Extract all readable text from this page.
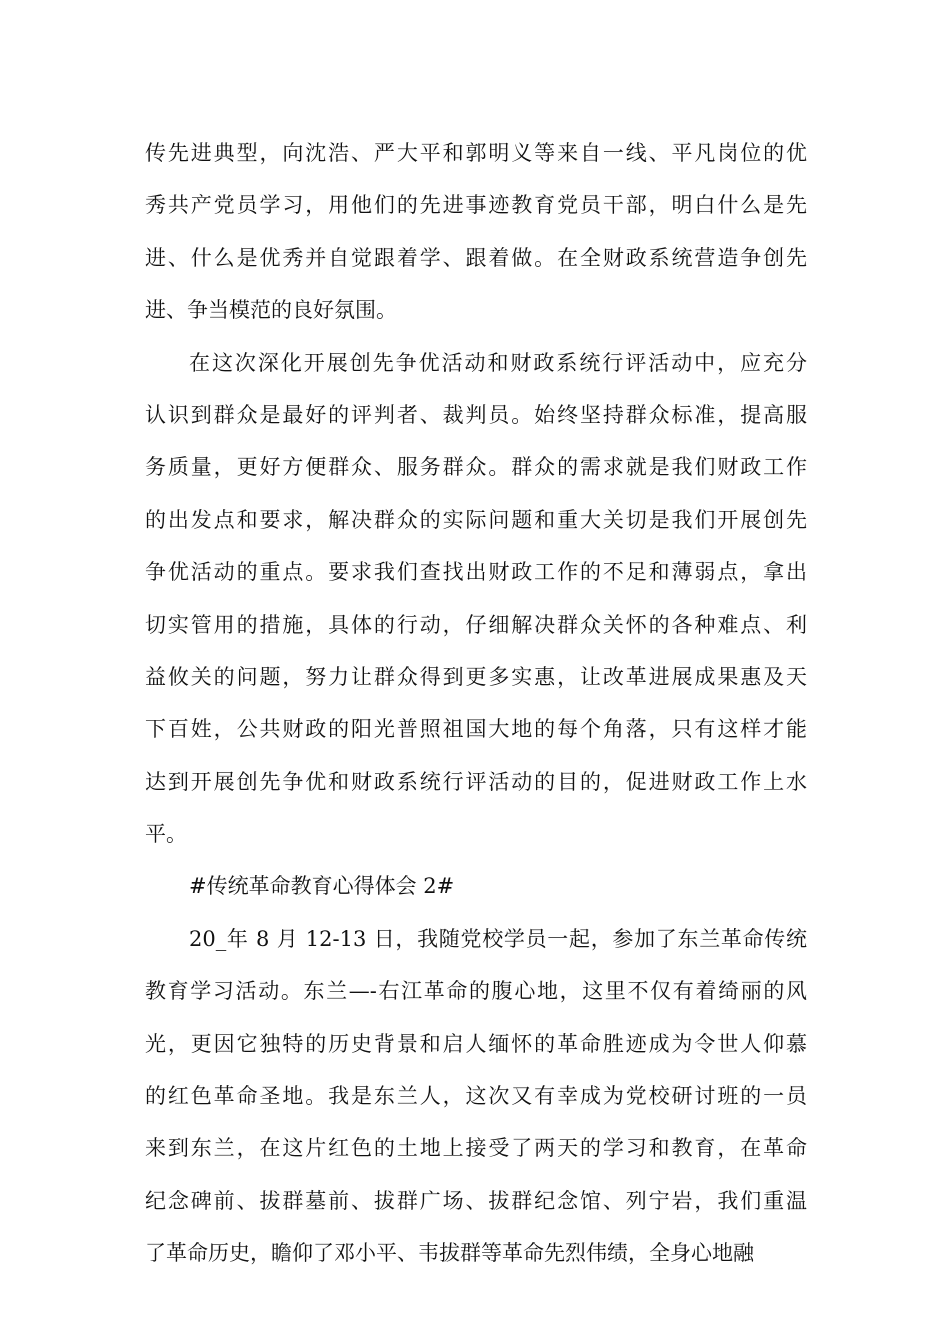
传先进典型，向沈浩、严大平和郭明义等来自一线、平凡岗位的优
秀共产党员学习，用他们的先进事迹教育党员干部，明白什么是先
进、什么是优秀并自觉跟着学、跟着做。在全财政系统营造争创先
进、争当模范的良好氛围。
在这次深化开展创先争优活动和财政系统行评活动中，应充分
认识到群众是最好的评判者、裁判员。始终坚持群众标准，提高服
务质量，更好方便群众、服务群众。群众的需求就是我们财政工作
的出发点和要求，解决群众的实际问题和重大关切是我们开展创先
争优活动的重点。要求我们查找出财政工作的不足和薄弱点，拿出
切实管用的措施，具体的行动，仔细解决群众关怀的各种难点、利
益攸关的问题，努力让群众得到更多实惠，让改革进展成果惠及天
下百姓，公共财政的阳光普照祖国大地的每个角落，只有这样才能
达到开展创先争优和财政系统行评活动的目的，促进财政工作上水
平。
#传统革命教育心得体会 2#
20_年 8 月 12-13 日，我随党校学员一起，参加了东兰革命传统
教育学习活动。东兰—-右江革命的腹心地，这里不仅有着绮丽的风
光，更因它独特的历史背景和启人缅怀的革命胜迹成为令世人仰慕
的红色革命圣地。我是东兰人，这次又有幸成为党校研讨班的一员
来到东兰，在这片红色的土地上接受了两天的学习和教育，在革命
纪念碑前、拔群墓前、拔群广场、拔群纪念馆、列宁岩，我们重温
了革命历史，瞻仰了邓小平、韦拔群等革命先烈伟绩，全身心地融
